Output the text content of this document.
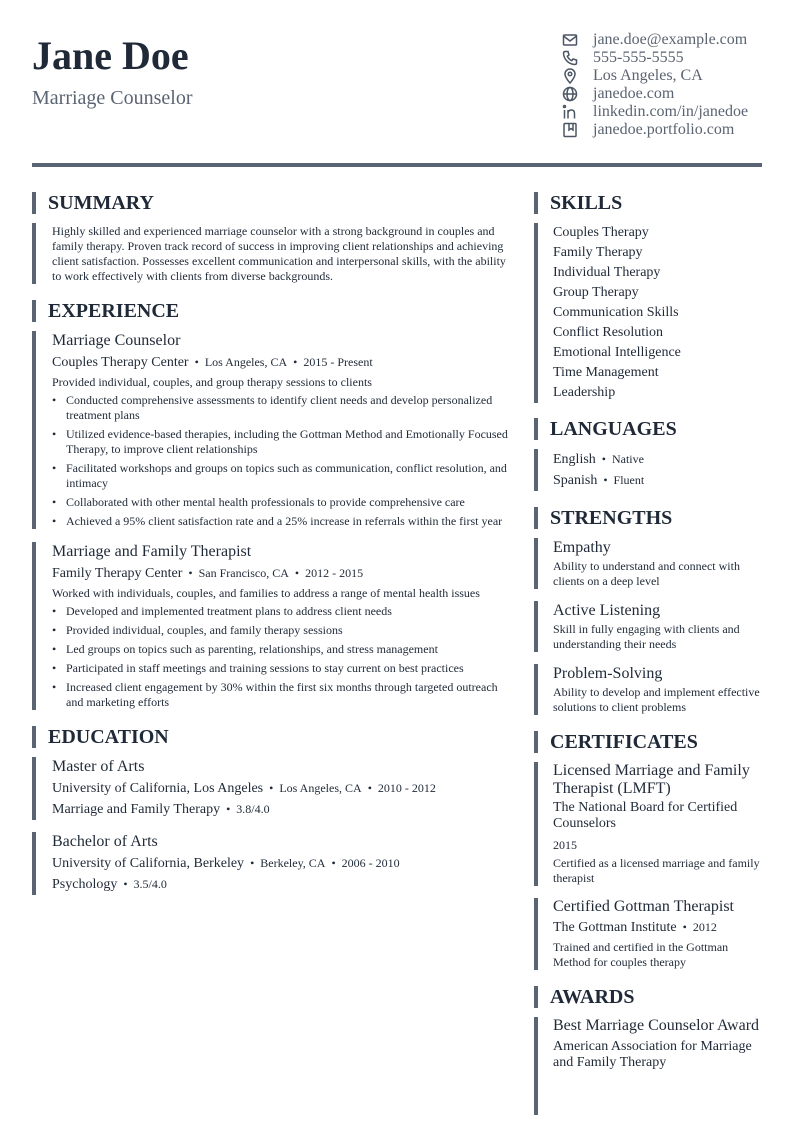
Jane Doe
Marriage Counselor
jane.doe@example.com
555-555-5555
Los Angeles, CA
janedoe.com
linkedin.com/in/janedoe
janedoe.portfolio.com
SUMMARY

Highly skilled and experienced marriage counselor with a strong background in couples and family therapy. Proven track record of success in improving client relationships and achieving client satisfaction. Possesses excellent communication and interpersonal skills, with the ability to work effectively with clients from diverse backgrounds.

EXPERIENCE
Marriage Counselor
Couples Therapy Center • Los Angeles, CA • 2015 - Present
Provided individual, couples, and group therapy sessions to clients
• Conducted comprehensive assessments to identify client needs and develop personalized treatment plans
• Utilized evidence-based therapies, including the Gottman Method and Emotionally Focused Therapy, to improve client relationships
• Facilitated workshops and groups on topics such as communication, conflict resolution, and intimacy
• Collaborated with other mental health professionals to provide comprehensive care
• Achieved a 95% client satisfaction rate and a 25% increase in referrals within the first year
Marriage and Family Therapist
Family Therapy Center • San Francisco, CA • 2012 - 2015
Worked with individuals, couples, and families to address a range of mental health issues
• Developed and implemented treatment plans to address client needs
• Provided individual, couples, and family therapy sessions
• Led groups on topics such as parenting, relationships, and stress management
• Participated in staff meetings and training sessions to stay current on best practices
• Increased client engagement by 30% within the first six months through targeted outreach and marketing efforts
EDUCATION
Master of Arts
University of California, Los Angeles • Los Angeles, CA • 2010 - 2012
Marriage and Family Therapy • 3.8/4.0
Bachelor of Arts
University of California, Berkeley • Berkeley, CA • 2006 - 2010
Psychology • 3.5/4.0
SKILLS
Couples Therapy
Family Therapy
Individual Therapy
Group Therapy
Communication Skills
Conflict Resolution
Emotional Intelligence
Time Management
Leadership
LANGUAGES
English • Native
Spanish • Fluent
STRENGTHS
Empathy
Ability to understand and connect with clients on a deep level
Active Listening
Skill in fully engaging with clients and understanding their needs
Problem-Solving
Ability to develop and implement effective solutions to client problems
CERTIFICATES
Licensed Marriage and Family Therapist (LMFT)
The National Board for Certified Counselors
2015
Certified as a licensed marriage and family therapist
Certified Gottman Therapist
The Gottman Institute • 2012
Trained and certified in the Gottman Method for couples therapy
AWARDS
Best Marriage Counselor Award
American Association for Marriage and Family Therapy
